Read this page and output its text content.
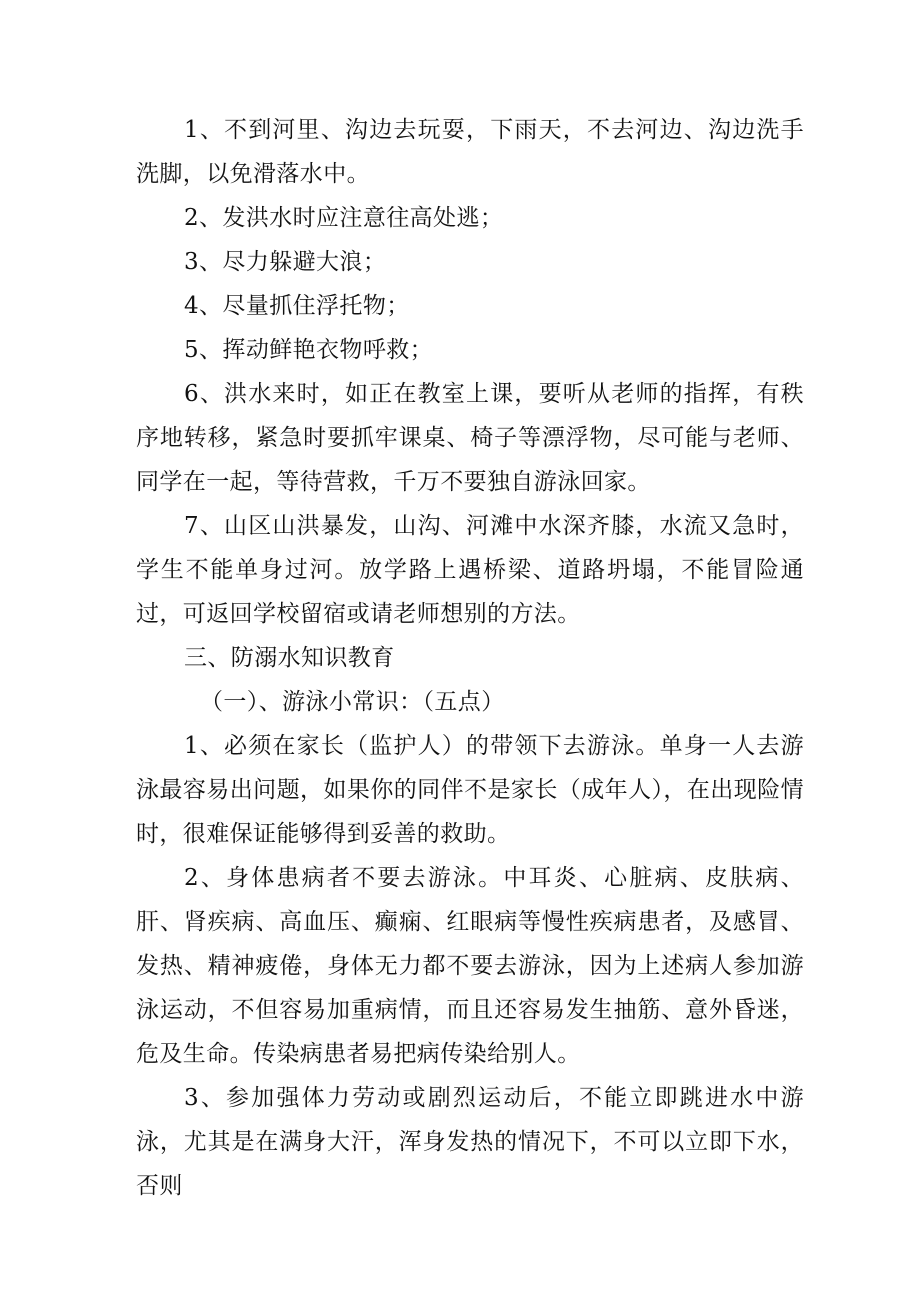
1、不到河里、沟边去玩耍，下雨天，不去河边、沟边洗手洗脚，以免滑落水中。

2、发洪水时应注意往高处逃；

3、尽力躲避大浪；

4、尽量抓住浮托物；

5、挥动鲜艳衣物呼救；

6、洪水来时，如正在教室上课，要听从老师的指挥，有秩序地转移，紧急时要抓牢课桌、椅子等漂浮物，尽可能与老师、同学在一起，等待营救，千万不要独自游泳回家。

7、山区山洪暴发，山沟、河滩中水深齐膝，水流又急时，学生不能单身过河。放学路上遇桥梁、道路坍塌，不能冒险通过，可返回学校留宿或请老师想别的方法。

三、防溺水知识教育

（一）、游泳小常识：（五点）

1、必须在家长（监护人）的带领下去游泳。单身一人去游泳最容易出问题，如果你的同伴不是家长（成年人），在出现险情时，很难保证能够得到妥善的救助。

2、身体患病者不要去游泳。中耳炎、心脏病、皮肤病、肝、肾疾病、高血压、癫痫、红眼病等慢性疾病患者，及感冒、发热、精神疲倦，身体无力都不要去游泳，因为上述病人参加游泳运动，不但容易加重病情，而且还容易发生抽筋、意外昏迷，危及生命。传染病患者易把病传染给别人。

3、参加强体力劳动或剧烈运动后，不能立即跳进水中游泳，尤其是在满身大汗，浑身发热的情况下，不可以立即下水，否则
